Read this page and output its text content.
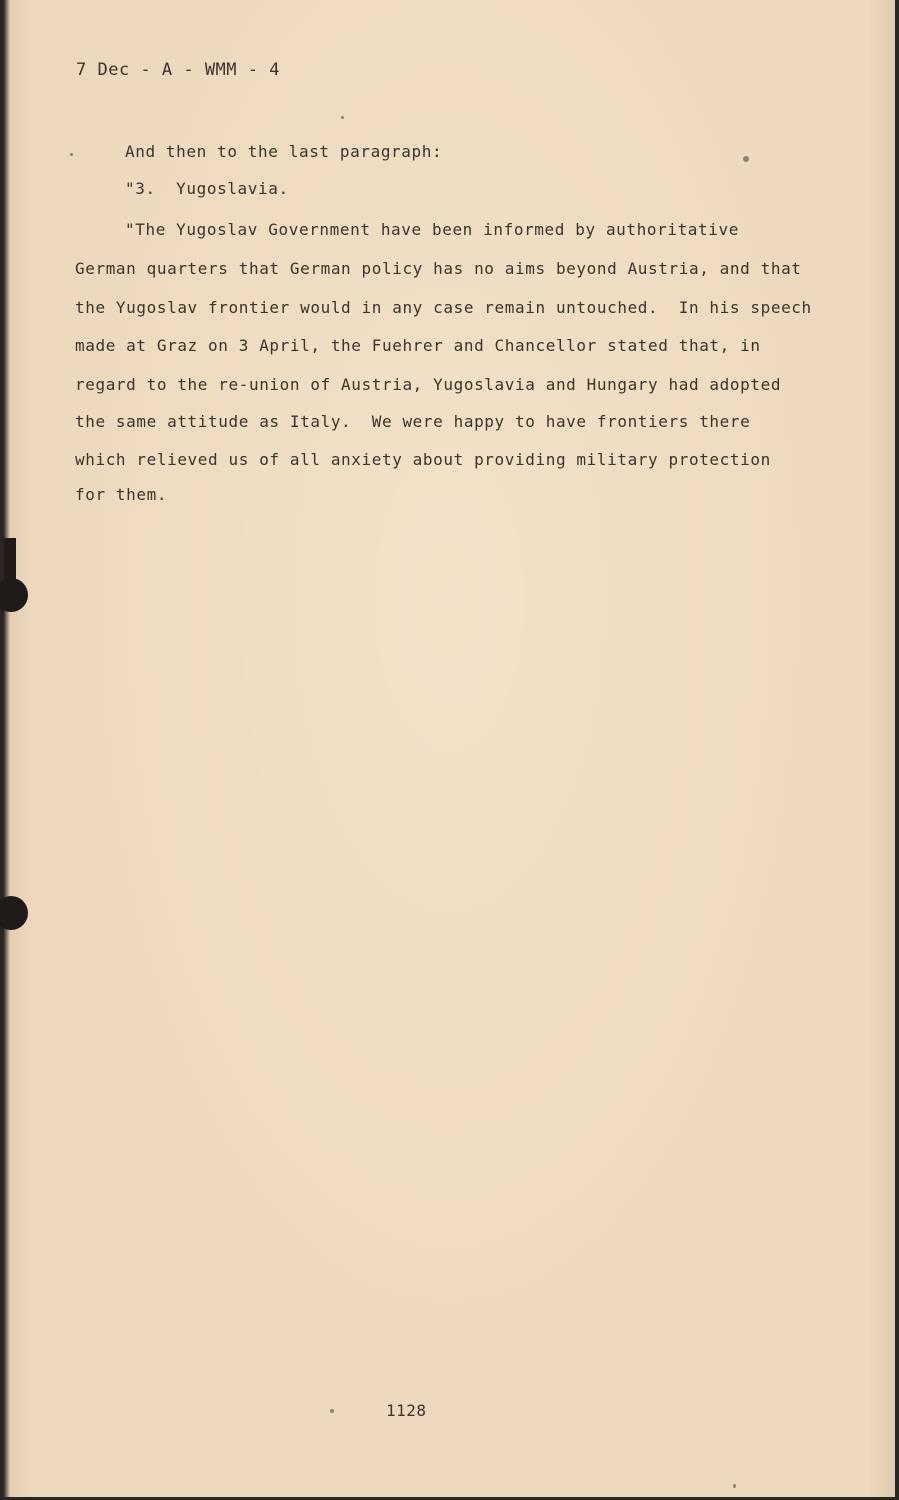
7 Dec - A - WMM - 4
And then to the last paragraph:
"3.  Yugoslavia.
"The Yugoslav Government have been informed by authoritative
German quarters that German policy has no aims beyond Austria, and that
the Yugoslav frontier would in any case remain untouched.  In his speech
made at Graz on 3 April, the Fuehrer and Chancellor stated that, in
regard to the re-union of Austria, Yugoslavia and Hungary had adopted
the same attitude as Italy.  We were happy to have frontiers there
which relieved us of all anxiety about providing military protection
for them.
1128
